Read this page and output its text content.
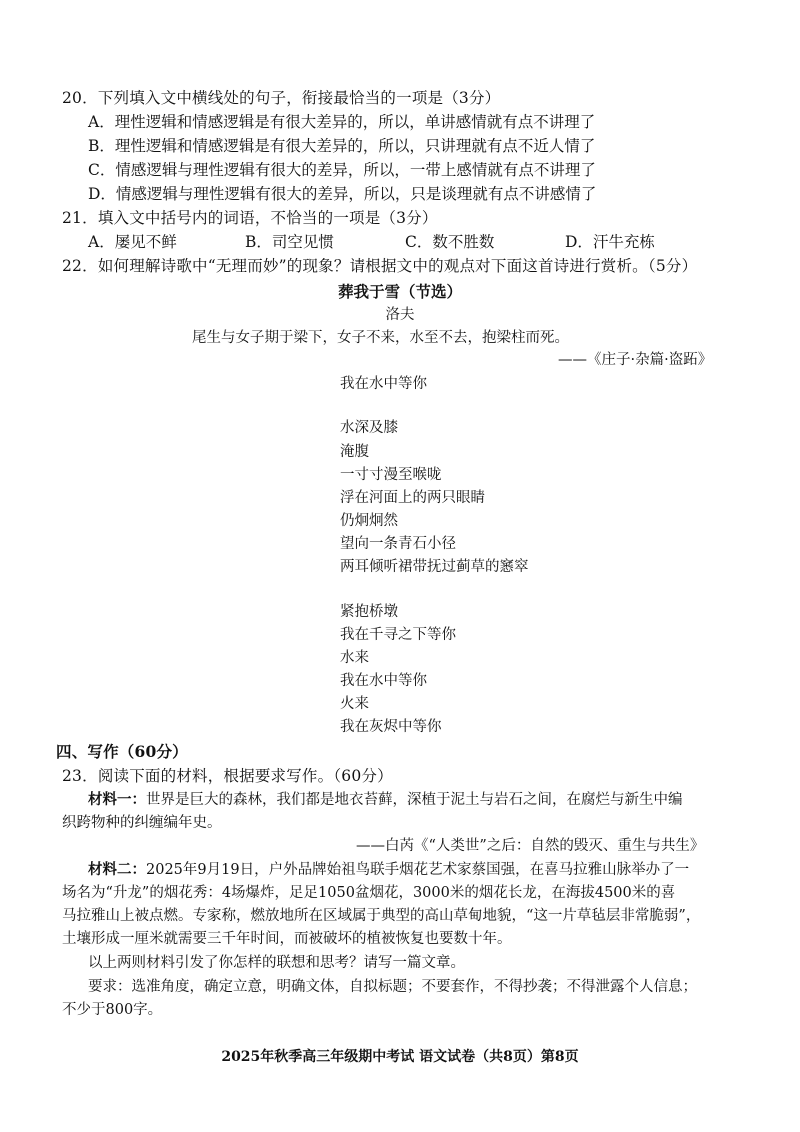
20．下列填入文中横线处的句子，衔接最恰当的一项是（3分）
A．理性逻辑和情感逻辑是有很大差异的，所以，单讲感情就有点不讲理了
B．理性逻辑和情感逻辑是有很大差异的，所以，只讲理就有点不近人情了
C．情感逻辑与理性逻辑有很大的差异，所以，一带上感情就有点不讲理了
D．情感逻辑与理性逻辑有很大的差异，所以，只是谈理就有点不讲感情了
21．填入文中括号内的词语，不恰当的一项是（3分）
A．屡见不鲜	B．司空见惯	C．数不胜数	D．汗牛充栋
22．如何理解诗歌中“无理而妙”的现象？请根据文中的观点对下面这首诗进行赏析。（5分）
葬我于雪（节选）
洛夫
尾生与女子期于梁下，女子不来，水至不去，抱梁柱而死。
——《庄子·杂篇·盗跖》
我在水中等你
水深及膝
淹腹
一寸寸漫至喉咙
浮在河面上的两只眼睛
仍炯炯然
望向一条青石小径
两耳倾听裙带抚过蓟草的窸窣
紧抱桥墩
我在千寻之下等你
水来
我在水中等你
火来
我在灰烬中等你
四、写作（60分）
23．阅读下面的材料，根据要求写作。（60分）
材料一：世界是巨大的森林，我们都是地衣苔藓，深植于泥土与岩石之间，在腐烂与新生中编
织跨物种的纠缠编年史。
——白芮《“人类世”之后：自然的毁灭、重生与共生》
材料二：2025年9月19日，户外品牌始祖鸟联手烟花艺术家蔡国强，在喜马拉雅山脉举办了一
场名为“升龙”的烟花秀：4场爆炸，足足1050盆烟花，3000米的烟花长龙，在海拔4500米的喜
马拉雅山上被点燃。专家称，燃放地所在区域属于典型的高山草甸地貌，“这一片草毡层非常脆弱”，
土壤形成一厘米就需要三千年时间，而被破坏的植被恢复也要数十年。
以上两则材料引发了你怎样的联想和思考？请写一篇文章。
要求：选准角度，确定立意，明确文体，自拟标题；不要套作，不得抄袭；不得泄露个人信息；
不少于800字。
2025年秋季高三年级期中考试 语文试卷（共8页）第8页
